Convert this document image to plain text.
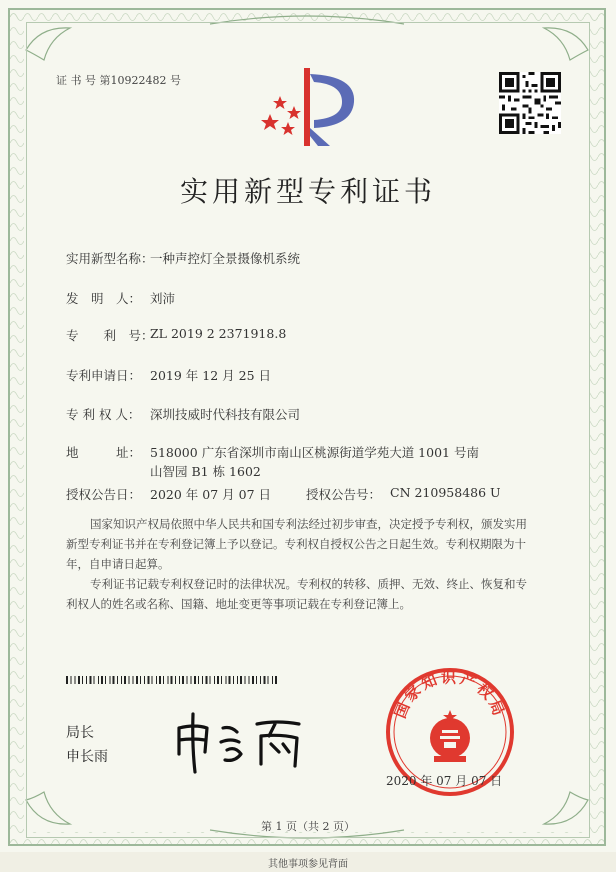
证 书 号 第10922482 号
实用新型专利证书
实用新型名称：
一种声控灯全景摄像机系统
发　明　人： 刘沛
专　　利　号：
ZL 2019 2 2371918.8
专利申请日： 2019 年 12 月 25 日
专 利 权 人： 深圳技威时代科技有限公司
地　　　址： 518000 广东省深圳市南山区桃源街道学苑大道 1001 号南
山智园 B1 栋 1602
授权公告日： 2020 年 07 月 07 日	授权公告号： CN 210958486 U
国家知识产权局依照中华人民共和国专利法经过初步审查，决定授予专利权，颁发实用
新型专利证书并在专利登记簿上予以登记。专利权自授权公告之日起生效。专利权期限为十
年，自申请日起算。
专利证书记载专利权登记时的法律状况。专利权的转移、质押、无效、终止、恢复和专
利权人的姓名或名称、国籍、地址变更等事项记载在专利登记簿上。
局长
申长雨
国家知识产权局
2020 年 07 月 07 日
第 1 页（共 2 页）
其他事项参见背面
